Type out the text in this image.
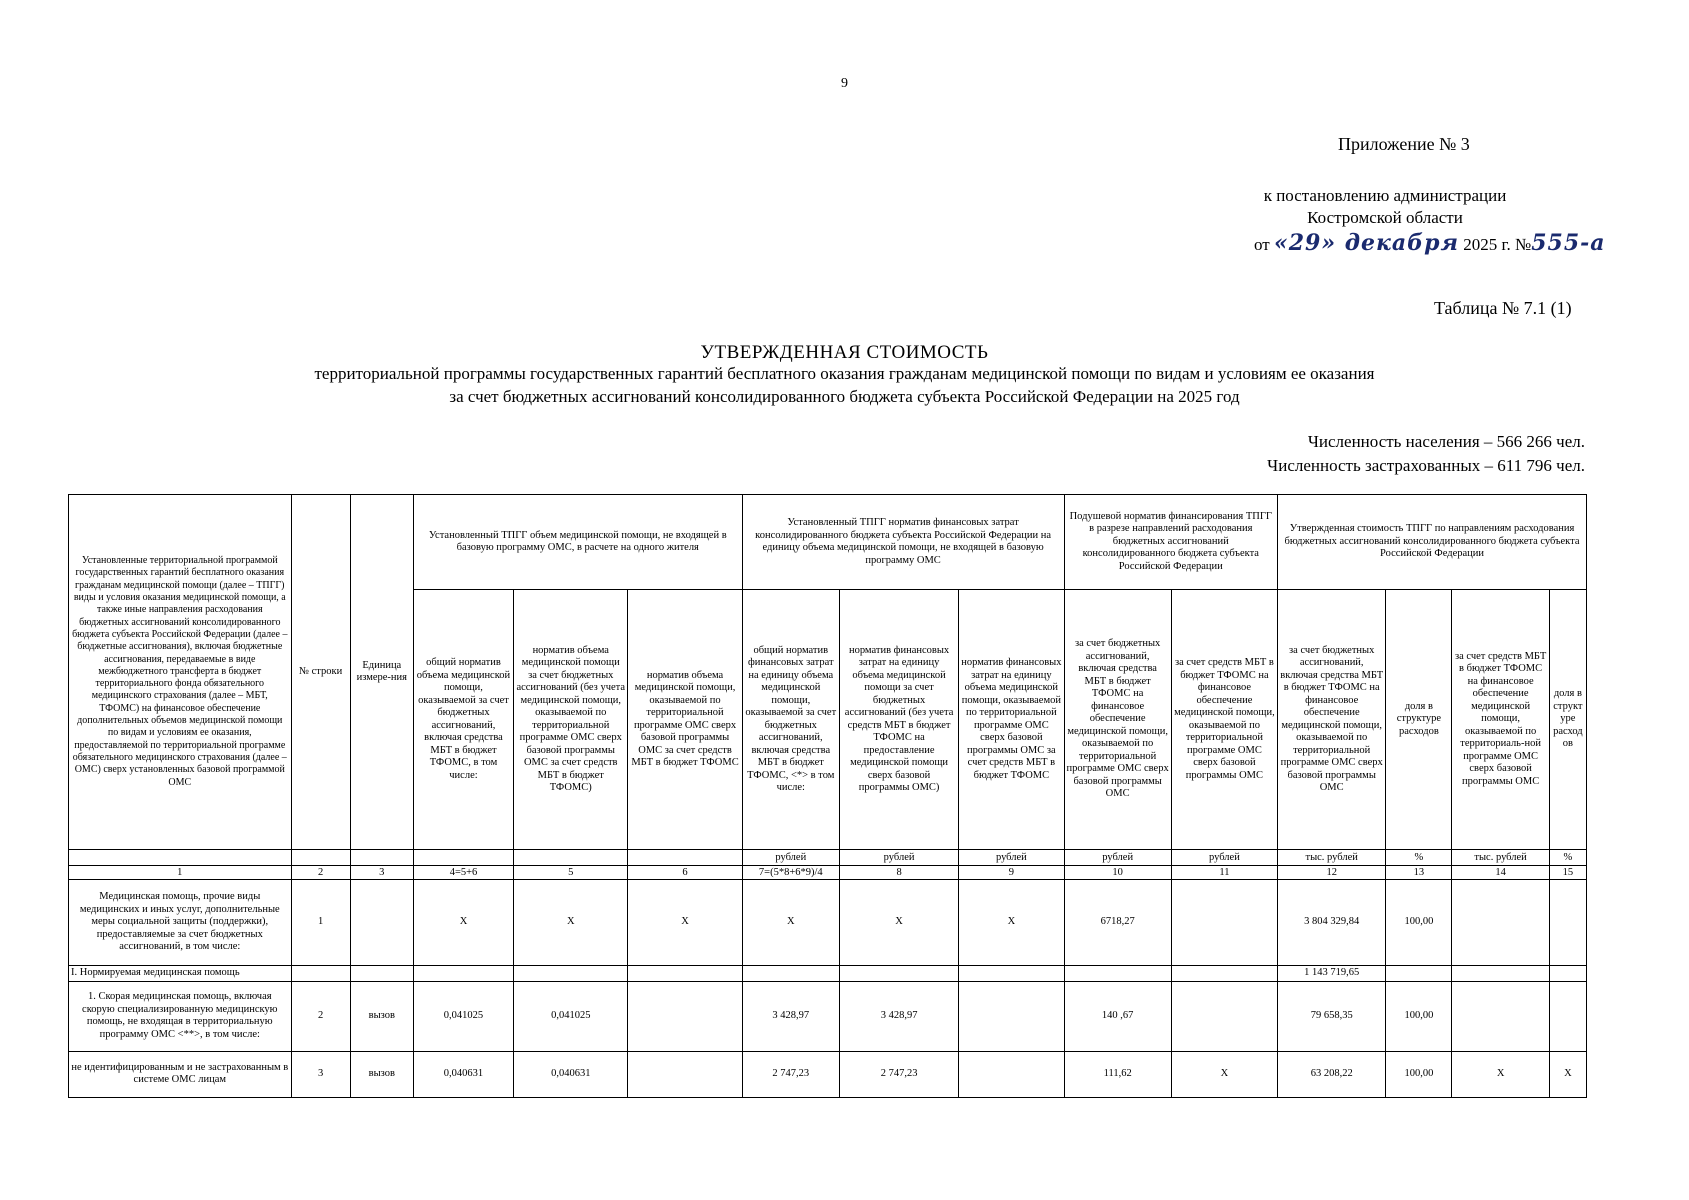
9
Приложение № 3
к постановлению администрации
Костромской области
от «29» декабря 2025 г. №555-а
Таблица № 7.1 (1)
УТВЕРЖДЕННАЯ СТОИМОСТЬ
территориальной программы государственных гарантий бесплатного оказания гражданам медицинской помощи по видам и условиям ее оказания
за счет бюджетных ассигнований консолидированного бюджета субъекта Российской Федерации на 2025 год
Численность населения – 566 266 чел.
Численность застрахованных – 611 796 чел.
Установленные территориальной программой государственных гарантий бесплатного оказания гражданам медицинской помощи (далее – ТПГГ) виды и условия оказания медицинской помощи, а также иные направления расходования бюджетных ассигнований консолидированного бюджета субъекта Российской Федерации (далее – бюджетные ассигнования), включая бюджетные ассигнования, передаваемые в виде межбюджетного трансферта в бюджет территориального фонда обязательного медицинского страхования (далее – МБТ, ТФОМС) на финансовое обеспечение дополнительных объемов медицинской помощи по видам и условиям ее оказания, предоставляемой по территориальной программе обязательного медицинского страхования (далее – ОМС) сверх установленных базовой программой ОМС	№ строки	Единица измере-ния	Установленный ТПГГ объем медицинской помощи, не входящей в базовую программу ОМС, в расчете на одного жителя			Установленный ТПГГ норматив финансовых затрат консолидированного бюджета субъекта Российской Федерации на единицу объема медицинской помощи, не входящей в базовую программу ОМС			Подушевой норматив финансирования ТПГГ в разрезе направлений расходования бюджетных ассигнований консолидированного бюджета субъекта Российской Федерации		Утвержденная стоимость ТПГГ по направлениям расходования бюджетных ассигнований консолидированного бюджета субъекта Российской Федерации			
			общий норматив объема медицинской помощи, оказываемой за счет бюджетных ассигнований, включая средства МБТ в бюджет ТФОМС, в том числе:	норматив объема медицинской помощи за счет бюджетных ассигнований (без учета медицинской помощи, оказываемой по территориальной программе ОМС сверх базовой программы ОМС за счет средств МБТ в бюджет ТФОМС)	норматив объема медицинской помощи, оказываемой по территориальной программе ОМС сверх базовой программы ОМС за счет средств МБТ в бюджет ТФОМС	общий норматив финансовых затрат на единицу объема медицинской помощи, оказываемой за счет бюджетных ассигнований, включая средства МБТ в бюджет ТФОМС, <*> в том числе:	норматив финансовых затрат на единицу объема медицинской помощи за счет бюджетных ассигнований (без учета средств МБТ в бюджет ТФОМС на предоставление медицинской помощи сверх базовой программы ОМС)	норматив финансовых затрат на единицу объема медицинской помощи, оказываемой по территориальной программе ОМС сверх базовой программы ОМС за счет средств МБТ в бюджет ТФОМС	за счет бюджетных ассигнований, включая средства МБТ в бюджет ТФОМС на финансовое обеспечение медицинской помощи, оказываемой по территориальной программе ОМС сверх базовой программы ОМС	за счет средств МБТ в бюджет ТФОМС на финансовое обеспечение медицинской помощи, оказываемой по территориальной программе ОМС сверх базовой программы ОМС	за счет бюджетных ассигнований, включая средства МБТ в бюджет ТФОМС на финансовое обеспечение медицинской помощи, оказываемой по территориальной программе ОМС сверх базовой программы ОМС	доля в структуре расходов	за счет средств МБТ в бюджет ТФОМС на финансовое обеспечение медицинской помощи, оказываемой по территориаль-ной программе ОМС сверх базовой программы ОМС	доля в структуре расходов
						рублей	рублей	рублей	рублей	рублей	тыс. рублей	%	тыс. рублей	%
1	2	3	4=5+6	5	6	7=(5*8+6*9)/4	8	9	10	11	12	13	14	15
Медицинская помощь, прочие виды медицинских и иных услуг, дополнительные меры социальной защиты (поддержки), предоставляемые за счет бюджетных ассигнований, в том числе:	1		X	X	X	X	X	X	6718,27		3 804 329,84	100,00		
I. Нормируемая медицинская помощь											1 143 719,65			
1. Скорая медицинская помощь, включая скорую специализированную медицинскую помощь, не входящая в территориальную программу ОМС <**>, в том числе:	2	вызов	0,041025	0,041025		3 428,97	3 428,97		140 ,67		79 658,35	100,00		
не идентифицированным и не застрахованным в системе ОМС лицам	3	вызов	0,040631	0,040631		2 747,23	2 747,23		111,62	X	63 208,22	100,00	X	X
